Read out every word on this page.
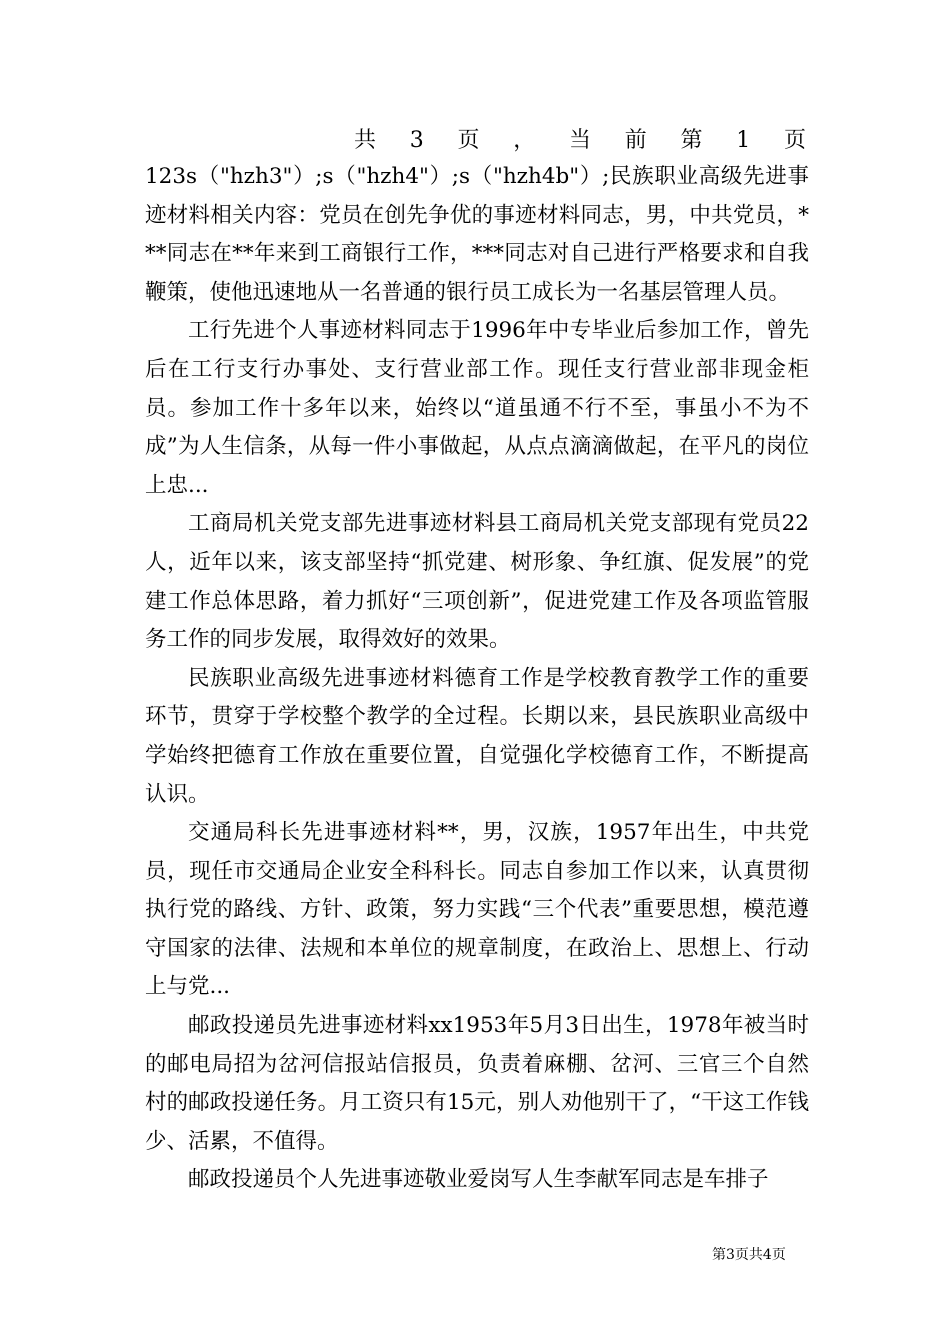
共 3 页 ， 当 前 第 1 页

123s（"hzh3"）;s（"hzh4"）;s（"hzh4b"）;民族职业高级先进事迹材料相关内容：党员在创先争优的事迹材料同志，男，中共党员，***同志在**年来到工商银行工作，***同志对自己进行严格要求和自我鞭策，使他迅速地从一名普通的银行员工成长为一名基层管理人员。

工行先进个人事迹材料同志于1996年中专毕业后参加工作，曾先后在工行支行办事处、支行营业部工作。现任支行营业部非现金柜员。参加工作十多年以来，始终以“道虽通不行不至，事虽小不为不成”为人生信条，从每一件小事做起，从点点滴滴做起，在平凡的岗位上忠...

工商局机关党支部先进事迹材料县工商局机关党支部现有党员22人，近年以来，该支部坚持“抓党建、树形象、争红旗、促发展”的党建工作总体思路，着力抓好“三项创新”，促进党建工作及各项监管服务工作的同步发展，取得效好的效果。

民族职业高级先进事迹材料德育工作是学校教育教学工作的重要环节，贯穿于学校整个教学的全过程。长期以来，县民族职业高级中学始终把德育工作放在重要位置，自觉强化学校德育工作，不断提高认识。

交通局科长先进事迹材料**，男，汉族，1957年出生，中共党员，现任市交通局企业安全科科长。同志自参加工作以来，认真贯彻执行党的路线、方针、政策，努力实践“三个代表”重要思想，模范遵守国家的法律、法规和本单位的规章制度，在政治上、思想上、行动上与党...

邮政投递员先进事迹材料xx1953年5月3日出生，1978年被当时的邮电局招为岔河信报站信报员，负责着麻棚、岔河、三官三个自然村的邮政投递任务。月工资只有15元，别人劝他别干了，“干这工作钱少、活累，不值得。

邮政投递员个人先进事迹敬业爱岗写人生李献军同志是车排子

第3页共4页
